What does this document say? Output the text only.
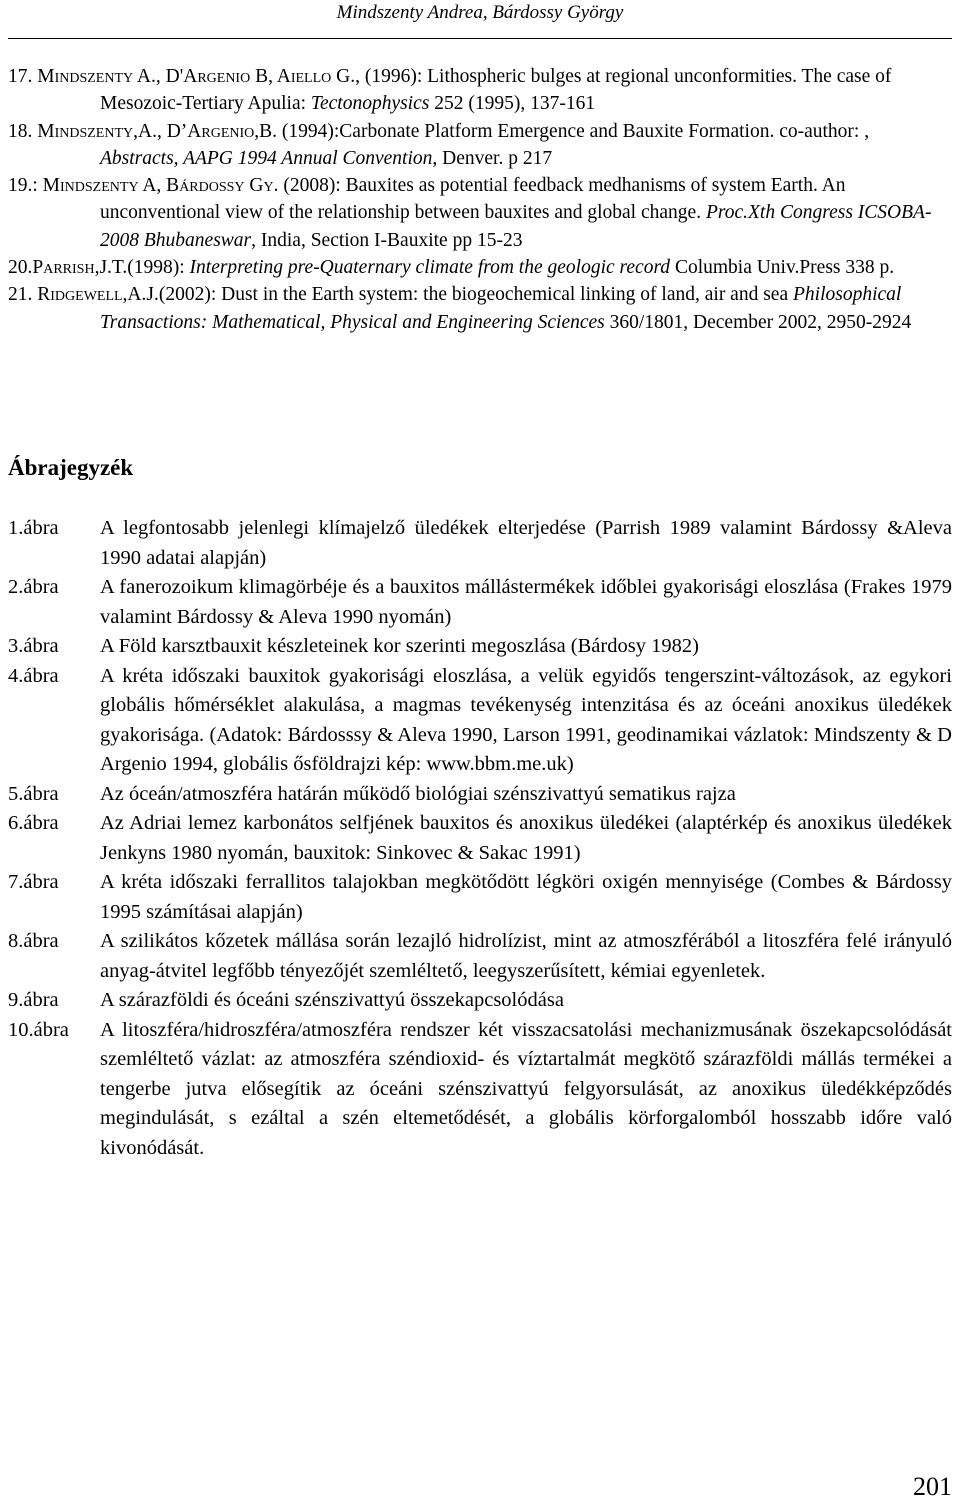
Mindszenty Andrea, Bárdossy György
17. Mindszenty A., D'Argenio B, Aiello G., (1996): Lithospheric bulges at regional unconformities. The case of Mesozoic-Tertiary Apulia: Tectonophysics 252 (1995), 137-161
18. Mindszenty,A., D’Argenio,B. (1994):Carbonate Platform Emergence and Bauxite Formation. co-author: , Abstracts, AAPG 1994 Annual Convention, Denver. p 217
19.: Mindszenty A, Bárdossy Gy. (2008): Bauxites as potential feedback medhanisms of system Earth. An unconventional view of the relationship between bauxites and global change. Proc.Xth Congress ICSOBA-2008 Bhubaneswar, India, Section I-Bauxite pp 15-23
20.Parrish,J.T.(1998): Interpreting pre-Quaternary climate from the geologic record Columbia Univ.Press 338 p.
21. Ridgewell,A.J.(2002): Dust in the Earth system: the biogeochemical linking of land, air and sea Philosophical Transactions: Mathematical, Physical and Engineering Sciences 360/1801, December 2002, 2950-2924
Ábrajegyzék
1.ábra	A legfontosabb jelenlegi klímajelző üledékek elterjedése (Parrish 1989 valamint Bárdossy &Aleva 1990 adatai alapján)
2.ábra	A fanerozoikum klimagörbéje és a bauxitos mállástermékek időblei gyakorisági eloszlása (Frakes 1979 valamint Bárdossy & Aleva 1990 nyomán)
3.ábra	A Föld karsztbauxit készleteinek kor szerinti megoszlása (Bárdosy 1982)
4.ábra	A kréta időszaki bauxitok gyakorisági eloszlása, a velük egyidős tengerszint-változások, az egykori globális hőmérséklet alakulása, a magmas tevékenység intenzitása és az óceáni anoxikus üledékek gyakorisága. (Adatok: Bárdosssy & Aleva 1990, Larson 1991, geodinamikai vázlatok: Mindszenty & D Argenio 1994, globális ősföldrajzi kép: www.bbm.me.uk)
5.ábra	Az óceán/atmoszféra határán működő biológiai szénszivattyú sematikus rajza
6.ábra	Az Adriai lemez karbonátos selfjének bauxitos és anoxikus üledékei (alaptérkép és anoxikus üledékek Jenkyns 1980 nyomán, bauxitok: Sinkovec & Sakac 1991)
7.ábra	A kréta időszaki ferrallitos talajokban megkötődött légköri oxigén mennyisége (Combes & Bárdossy 1995 számításai alapján)
8.ábra	A szilikátos kőzetek mállása során lezajló hidrolízist, mint az atmoszférából a litoszféra felé irányuló anyag-átvitel legfőbb tényezőjét szemléltető, leegyszerűsített, kémiai egyenletek.
9.ábra	A szárazföldi és óceáni szénszivattyú összekapcsolódása
10.ábra	A litoszféra/hidroszféra/atmoszféra rendszer két visszacsatolási mechanizmusának öszekapcsolódását szemléltető vázlat: az atmoszféra széndioxid- és víztartalmát megkötő szárazföldi mállás termékei a tengerbe jutva elősegítik az óceáni szénszivattyú felgyorsulását, az anoxikus üledékképződés megindulását, s ezáltal a szén eltemetődését, a globális körforgalomból hosszabb időre való kivonódását.
201
